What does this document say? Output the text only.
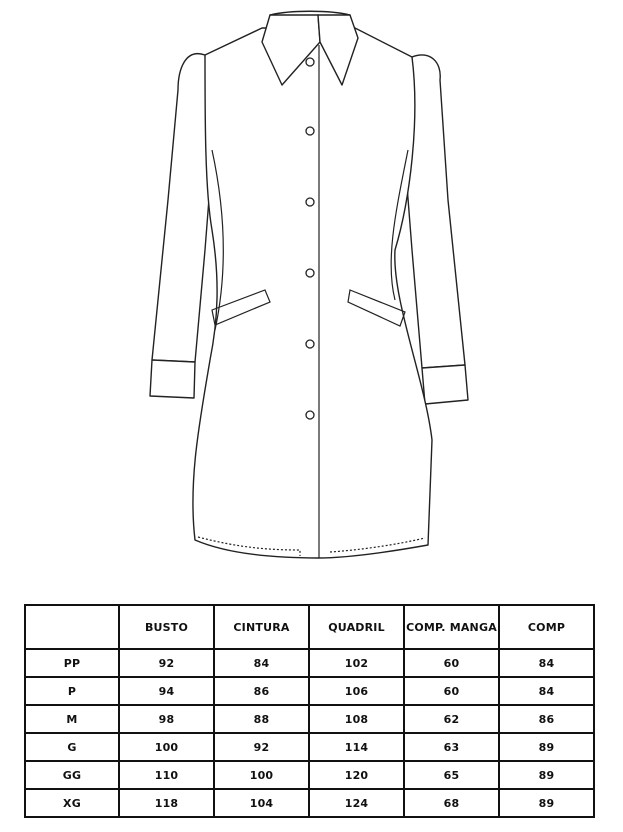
	BUSTO	CINTURA	QUADRIL	COMP. MANGA	COMP
PP	92	84	102	60	84
P	94	86	106	60	84
M	98	88	108	62	86
G	100	92	114	63	89
GG	110	100	120	65	89
XG	118	104	124	68	89
